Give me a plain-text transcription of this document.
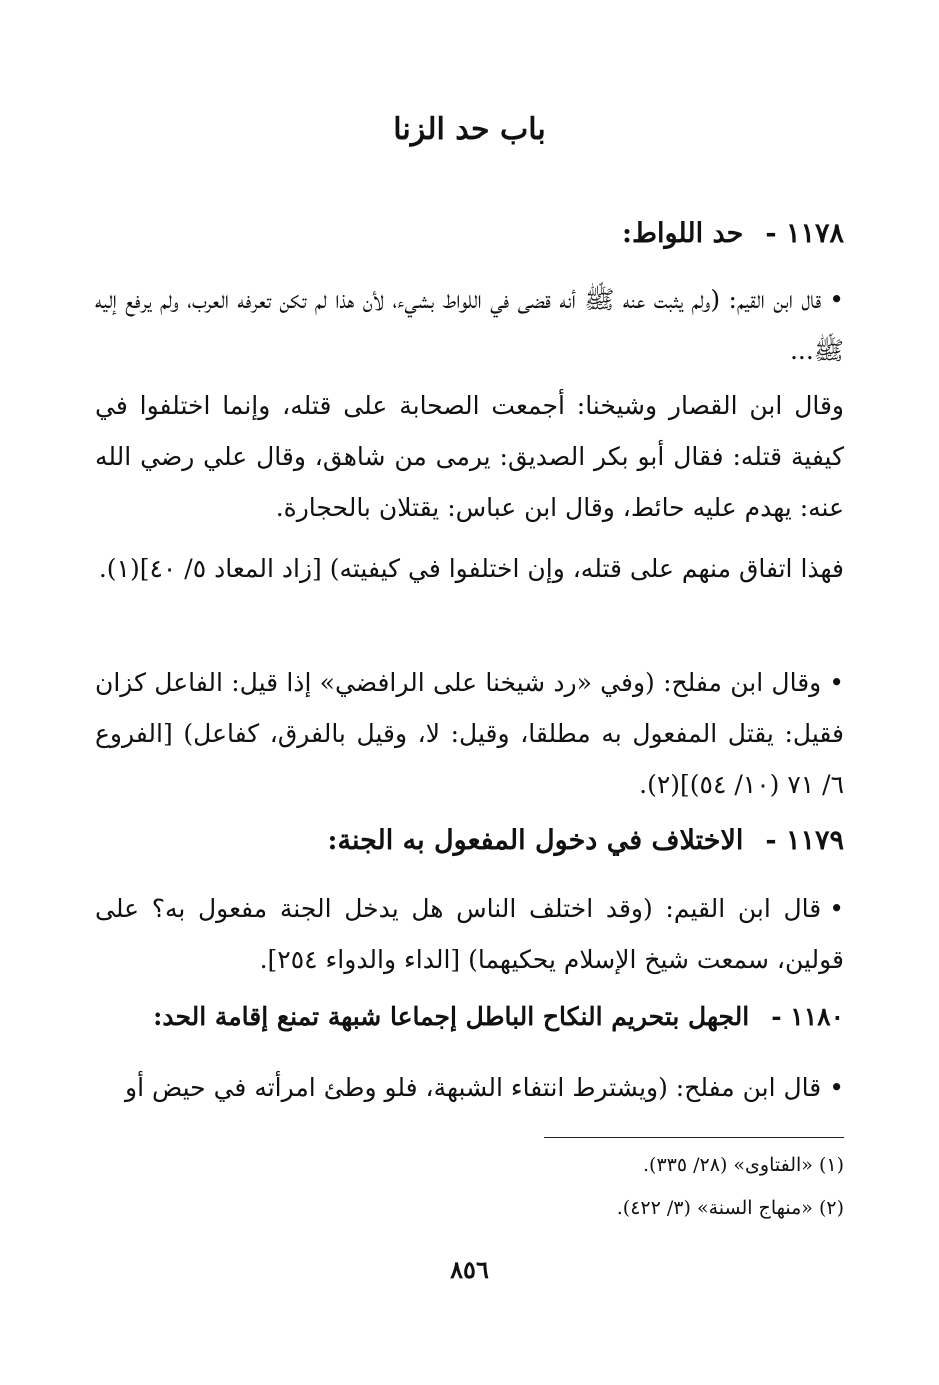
باب حد الزنا
١١٧٨ -حد اللواط:
•قال ابن القيم: (ولم يثبت عنه ﷺ أنه قضى في اللواط بشيء، لأن هذا لم تكن تعرفه العرب، ولم يرفع إليه ﷺ...
وقال ابن القصار وشيخنا: أجمعت الصحابة على قتله، وإنما اختلفوا في كيفية قتله: فقال أبو بكر الصديق: يرمى من شاهق، وقال علي رضي الله عنه: يهدم عليه حائط، وقال ابن عباس: يقتلان بالحجارة.
فهذا اتفاق منهم على قتله، وإن اختلفوا في كيفيته) [زاد المعاد ٥/ ٤٠](١).
•وقال ابن مفلح: (وفي «رد شيخنا على الرافضي» إذا قيل: الفاعل كزان فقيل: يقتل المفعول به مطلقا، وقيل: لا، وقيل بالفرق، كفاعل) [الفروع ٦/ ٧١ (١٠/ ٥٤)](٢).
١١٧٩ -الاختلاف في دخول المفعول به الجنة:
•قال ابن القيم: (وقد اختلف الناس هل يدخل الجنة مفعول به؟ على قولين، سمعت شيخ الإسلام يحكيهما) [الداء والدواء ٢٥٤].
١١٨٠ -الجهل بتحريم النكاح الباطل إجماعا شبهة تمنع إقامة الحد:
•قال ابن مفلح: (ويشترط انتفاء الشبهة، فلو وطئ امرأته في حيض أو
(١) «الفتاوى» (٢٨/ ٣٣٥).
(٢) «منهاج السنة» (٣/ ٤٢٢).
٨٥٦
